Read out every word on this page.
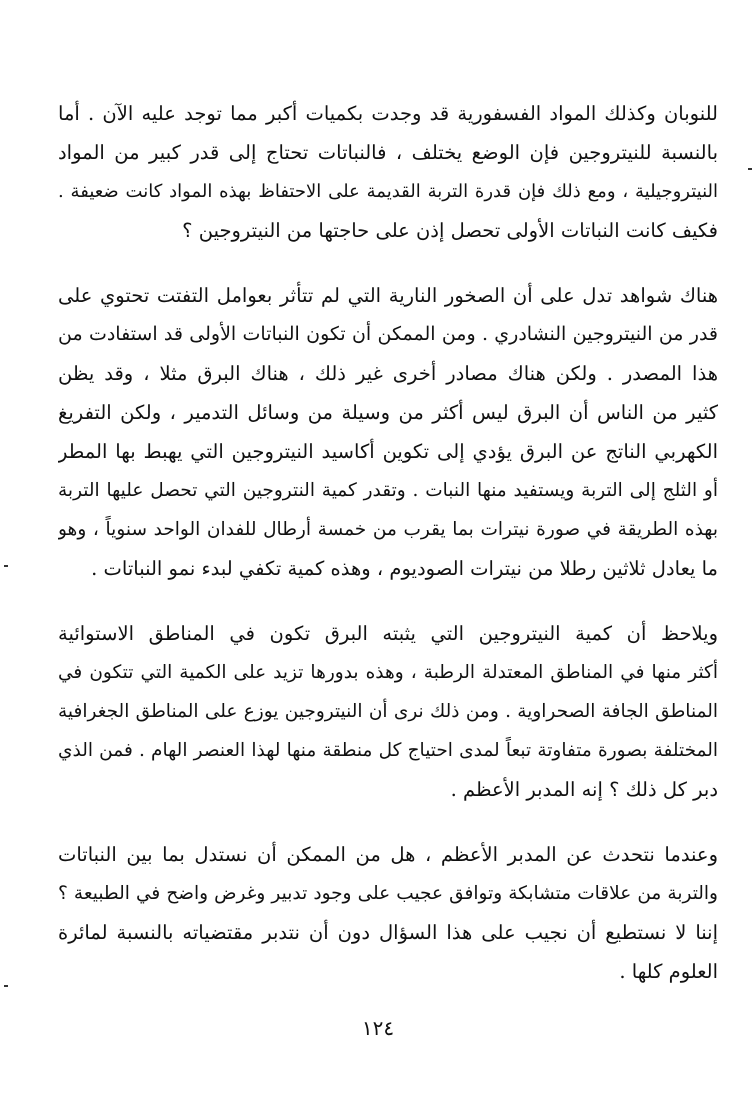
للنوبان وكذلك المواد الفسفورية قد وجدت بكميات أكبر مما توجد عليه الآن . أما
بالنسبة للنيتروجين فإن الوضع يختلف ، فالنباتات تحتاج إلى قدر كبير من المواد
النيتروجيلية ، ومع ذلك فإن قدرة التربة القديمة على الاحتفاظ بهذه المواد كانت ضعيفة .
فكيف كانت النباتات الأولى تحصل إذن على حاجتها من النيتروجين ؟
هناك شواهد تدل على أن الصخور النارية التي لم تتأثر بعوامل التفتت تحتوي على
قدر من النيتروجين النشادري . ومن الممكن أن تكون النباتات الأولى قد استفادت من
هذا المصدر . ولكن هناك مصادر أخرى غير ذلك ، هناك البرق مثلا ، وقد يظن
كثير من الناس أن البرق ليس أكثر من وسيلة من وسائل التدمير ، ولكن التفريغ
الكهربي الناتج عن البرق يؤدي إلى تكوين أكاسيد النيتروجين التي يهبط بها المطر
أو الثلج إلى التربة ويستفيد منها النبات . وتقدر كمية النتروجين التي تحصل عليها التربة
بهذه الطريقة في صورة نيترات بما يقرب من خمسة أرطال للفدان الواحد سنوياً ، وهو
ما يعادل ثلاثين رطلا من نيترات الصوديوم ، وهذه كمية تكفي لبدء نمو النباتات .
ويلاحظ أن كمية النيتروجين التي يثبته البرق تكون في المناطق الاستوائية
أكثر منها في المناطق المعتدلة الرطبة ، وهذه بدورها تزيد على الكمية التي تتكون في
المناطق الجافة الصحراوية . ومن ذلك نرى أن النيتروجين يوزع على المناطق الجغرافية
المختلفة بصورة متفاوتة تبعاً لمدى احتياج كل منطقة منها لهذا العنصر الهام . فمن الذي
دبر كل ذلك ؟ إنه المدبر الأعظم .
وعندما نتحدث عن المدبر الأعظم ، هل من الممكن أن نستدل بما بين النباتات
والتربة من علاقات متشابكة وتوافق عجيب على وجود تدبير وغرض واضح في الطبيعة ؟
إننا لا نستطيع أن نجيب على هذا السؤال دون أن نتدبر مقتضياته بالنسبة لمائرة
العلوم كلها .
١٢٤
